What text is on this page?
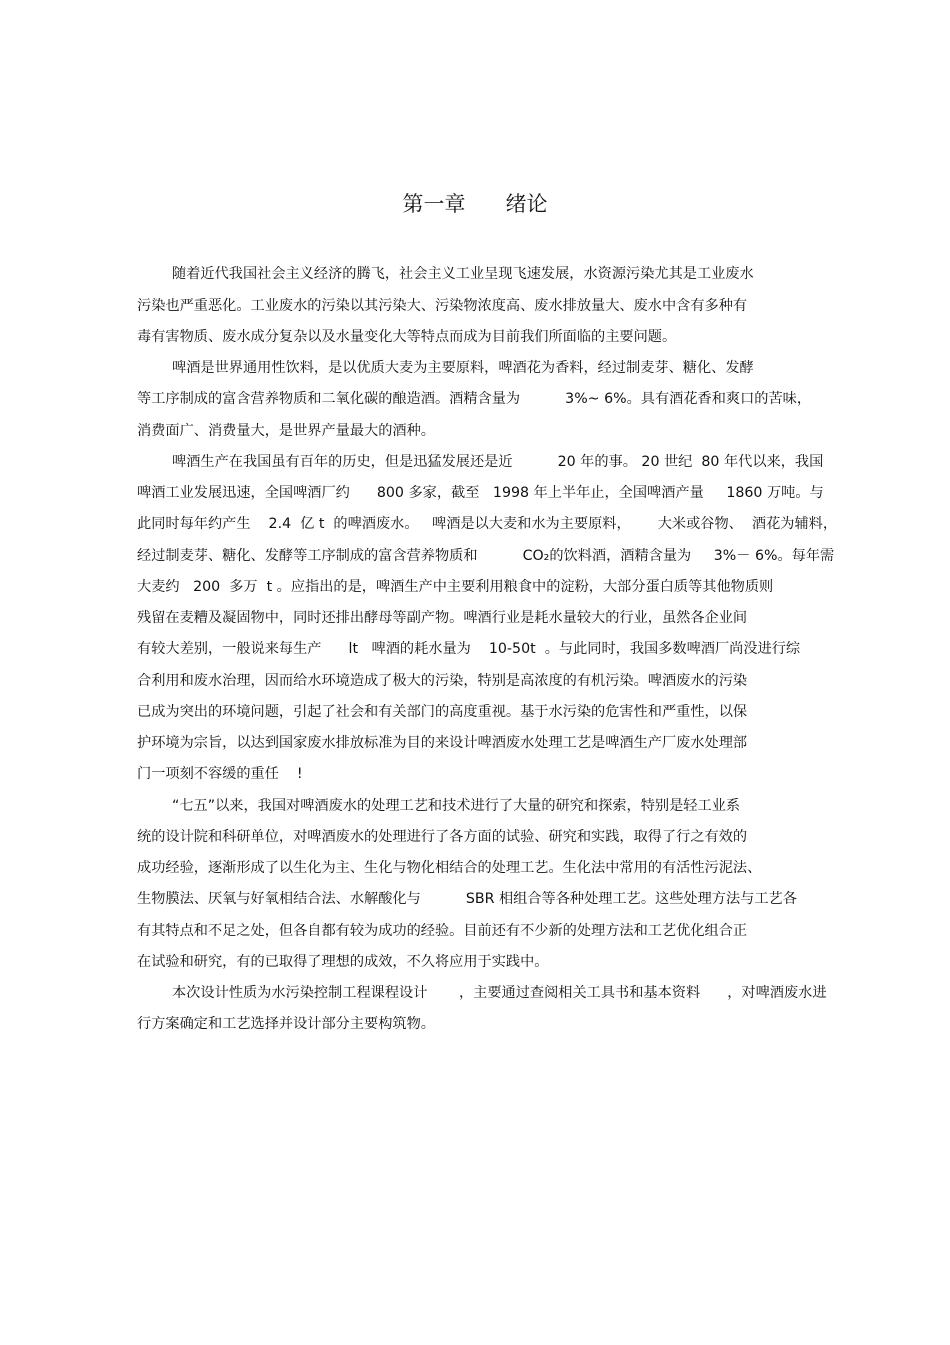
第一章      绪论
随着近代我国社会主义经济的腾飞，社会主义工业呈现飞速发展，水资源污染尤其是工业废水
污染也严重恶化。工业废水的污染以其污染大、污染物浓度高、废水排放量大、废水中含有多种有
毒有害物质、废水成分复杂以及水量变化大等特点而成为目前我们所面临的主要问题。
啤酒是世界通用性饮料，是以优质大麦为主要原料，啤酒花为香料，经过制麦芽、糖化、发酵
等工序制成的富含营养物质和二氧化碳的酿造酒。酒精含量为          3%~ 6%。具有酒花香和爽口的苦味，
消费面广、消费量大，是世界产量最大的酒种。
啤酒生产在我国虽有百年的历史，但是迅猛发展还是近          20 年的事。 20 世纪  80 年代以来，我国
啤酒工业发展迅速，全国啤酒厂约      800 多家，截至   1998 年上半年止，全国啤酒产量     1860 万吨。与
此同时每年约产生    2.4  亿 t  的啤酒废水。   啤酒是以大麦和水为主要原料，      大米或谷物、  酒花为辅料，
经过制麦芽、糖化、发酵等工序制成的富含营养物质和          CO₂的饮料酒，酒精含量为     3%－ 6%。每年需
大麦约   200  多万  t 。应指出的是，啤酒生产中主要利用粮食中的淀粉，大部分蛋白质等其他物质则
残留在麦糟及凝固物中，同时还排出酵母等副产物。啤酒行业是耗水量较大的行业，虽然各企业间
有较大差别，一般说来每生产      lt   啤酒的耗水量为    10-50t  。与此同时，我国多数啤酒厂尚没进行综
合利用和废水治理，因而给水环境造成了极大的污染，特别是高浓度的有机污染。啤酒废水的污染
已成为突出的环境问题，引起了社会和有关部门的高度重视。基于水污染的危害性和严重性，以保
护环境为宗旨，以达到国家废水排放标准为目的来设计啤酒废水处理工艺是啤酒生产厂废水处理部
门一项刻不容缓的重任    !
“七五”以来，我国对啤酒废水的处理工艺和技术进行了大量的研究和探索，特别是轻工业系
统的设计院和科研单位，对啤酒废水的处理进行了各方面的试验、研究和实践，取得了行之有效的
成功经验，逐渐形成了以生化为主、生化与物化相结合的处理工艺。生化法中常用的有活性污泥法、
生物膜法、厌氧与好氧相结合法、水解酸化与          SBR 相组合等各种处理工艺。这些处理方法与工艺各
有其特点和不足之处，但各自都有较为成功的经验。目前还有不少新的处理方法和工艺优化组合正
在试验和研究，有的已取得了理想的成效，不久将应用于实践中。
本次设计性质为水污染控制工程课程设计       ，主要通过查阅相关工具书和基本资料      ，对啤酒废水进
行方案确定和工艺选择并设计部分主要构筑物。
